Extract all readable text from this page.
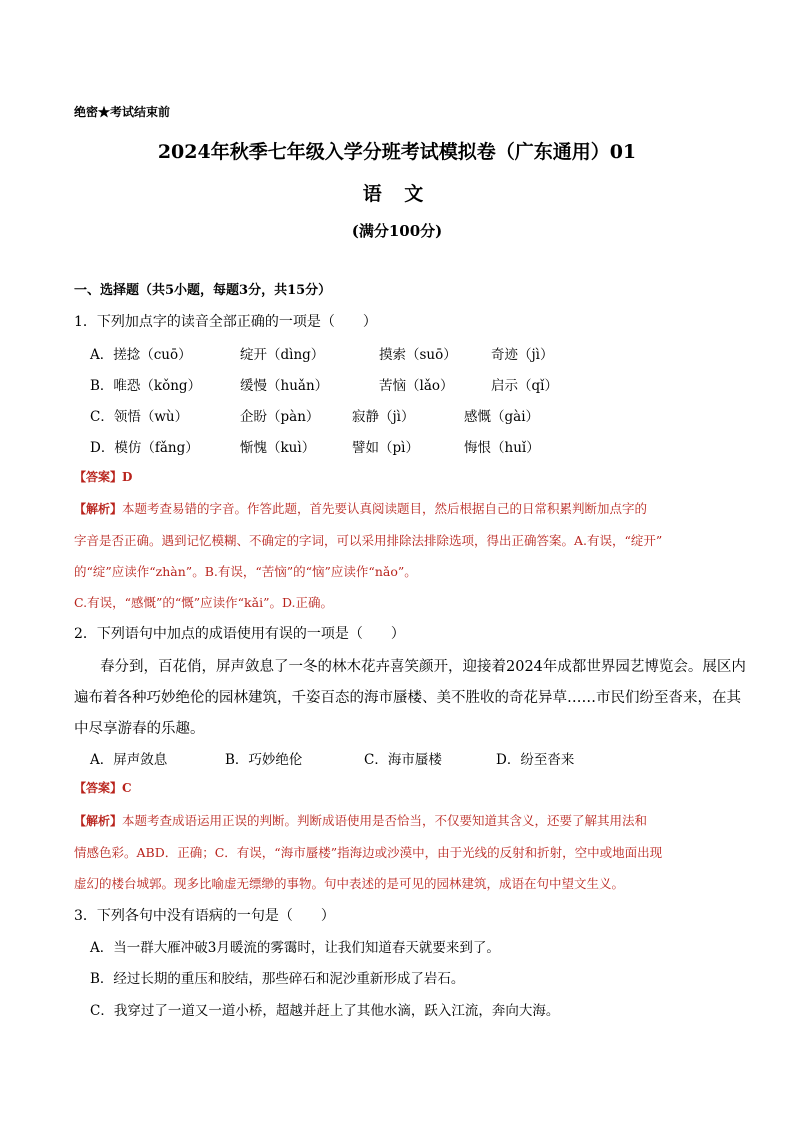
绝密★考试结束前
2024年秋季七年级入学分班考试模拟卷（广东通用）01
语 文
(满分100分)
一、选择题（共5小题，每题3分，共15分）
1．下列加点字的读音全部正确的一项是（　　）
A．搓捻（cuō）	绽开（dìng）	摸索（suō）	奇迹（jì）
B．唯恐（kǒng）	缓慢（huǎn）	苦恼（lǎo）	启示（qǐ）
C．领悟（wù）	企盼（pàn） 寂静（jì）	感慨（gài）
D．模仿（fǎng）	惭愧（kuì）	譬如（pì）	悔恨（huǐ）
【答案】D
【解析】本题考查易错的字音。作答此题，首先要认真阅读题目，然后根据自己的日常积累判断加点字的
字音是否正确。遇到记忆模糊、不确定的字词，可以采用排除法排除选项，得出正确答案。A.有误，“绽开”
的“绽”应读作“zhàn”。B.有误，“苦恼”的“恼”应读作“nǎo”。
C.有误，“感慨”的“慨”应读作“kǎi”。D.正确。
2．下列语句中加点的成语使用有误的一项是（　　）
春分到，百花俏，屏声敛息了一冬的林木花卉喜笑颜开，迎接着2024年成都世界园艺博览会。展区内
遍布着各种巧妙绝伦的园林建筑，千姿百态的海市蜃楼、美不胜收的奇花异草……市民们纷至沓来，在其
中尽享游春的乐趣。
A．屏声敛息	B．巧妙绝伦	C．海市蜃楼	D．纷至沓来
【答案】C
【解析】本题考查成语运用正误的判断。判断成语使用是否恰当，不仅要知道其含义，还要了解其用法和
情感色彩。ABD．正确；C．有误，“海市蜃楼”指海边或沙漠中，由于光线的反射和折射，空中或地面出现
虚幻的楼台城郭。现多比喻虚无缥缈的事物。句中表述的是可见的园林建筑，成语在句中望文生义。
3．下列各句中没有语病的一句是（　　）
A．当一群大雁冲破3月暖流的雾霭时，让我们知道春天就要来到了。
B．经过长期的重压和胶结，那些碎石和泥沙重新形成了岩石。
C．我穿过了一道又一道小桥，超越并赶上了其他水滴，跃入江流，奔向大海。
